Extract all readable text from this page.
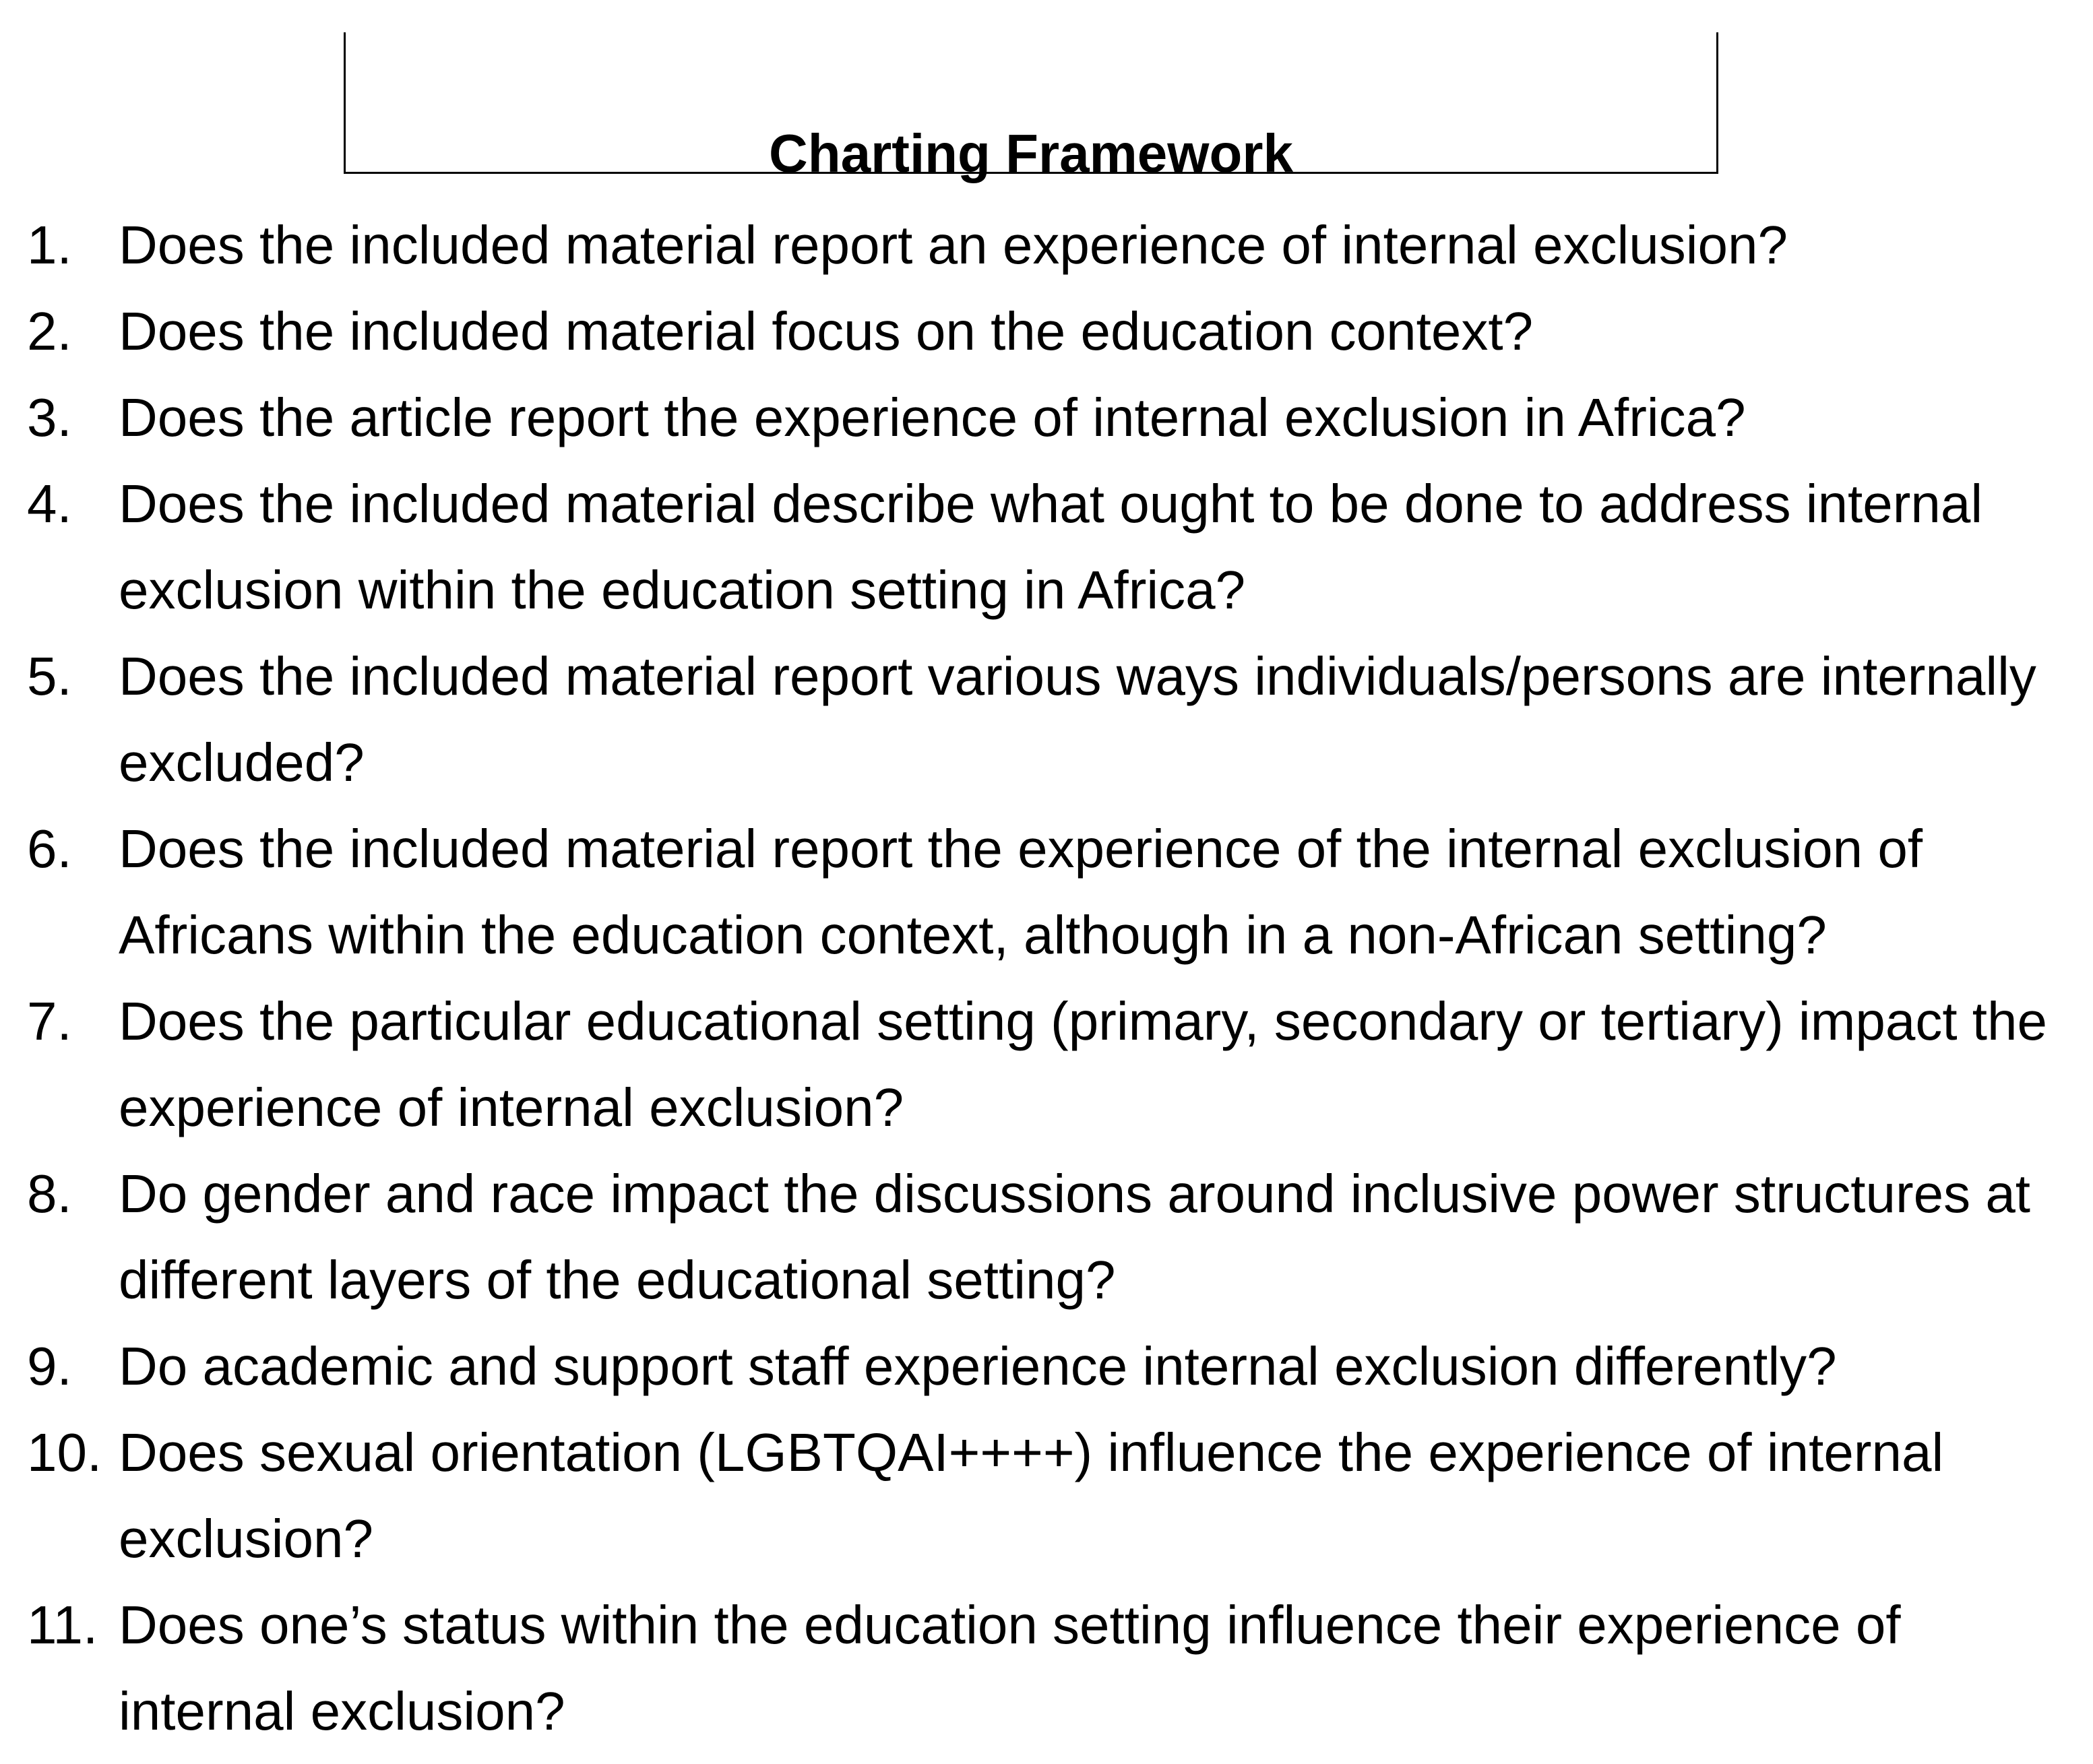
Charting Framework
1. Does the included material report an experience of internal exclusion?
2. Does the included material focus on the education context?
3. Does the article report the experience of internal exclusion in Africa?
4. Does the included material describe what ought to be done to address internal exclusion within the education setting in Africa?
5. Does the included material report various ways individuals/persons are internally excluded?
6. Does the included material report the experience of the internal exclusion of Africans within the education context, although in a non-African setting?
7. Does the particular educational setting (primary, secondary or tertiary) impact the experience of internal exclusion?
8. Do gender and race impact the discussions around inclusive power structures at different layers of the educational setting?
9. Do academic and support staff experience internal exclusion differently?
10. Does sexual orientation (LGBTQAI++++) influence the experience of internal exclusion?
11. Does one’s status within the education setting influence their experience of internal exclusion?
